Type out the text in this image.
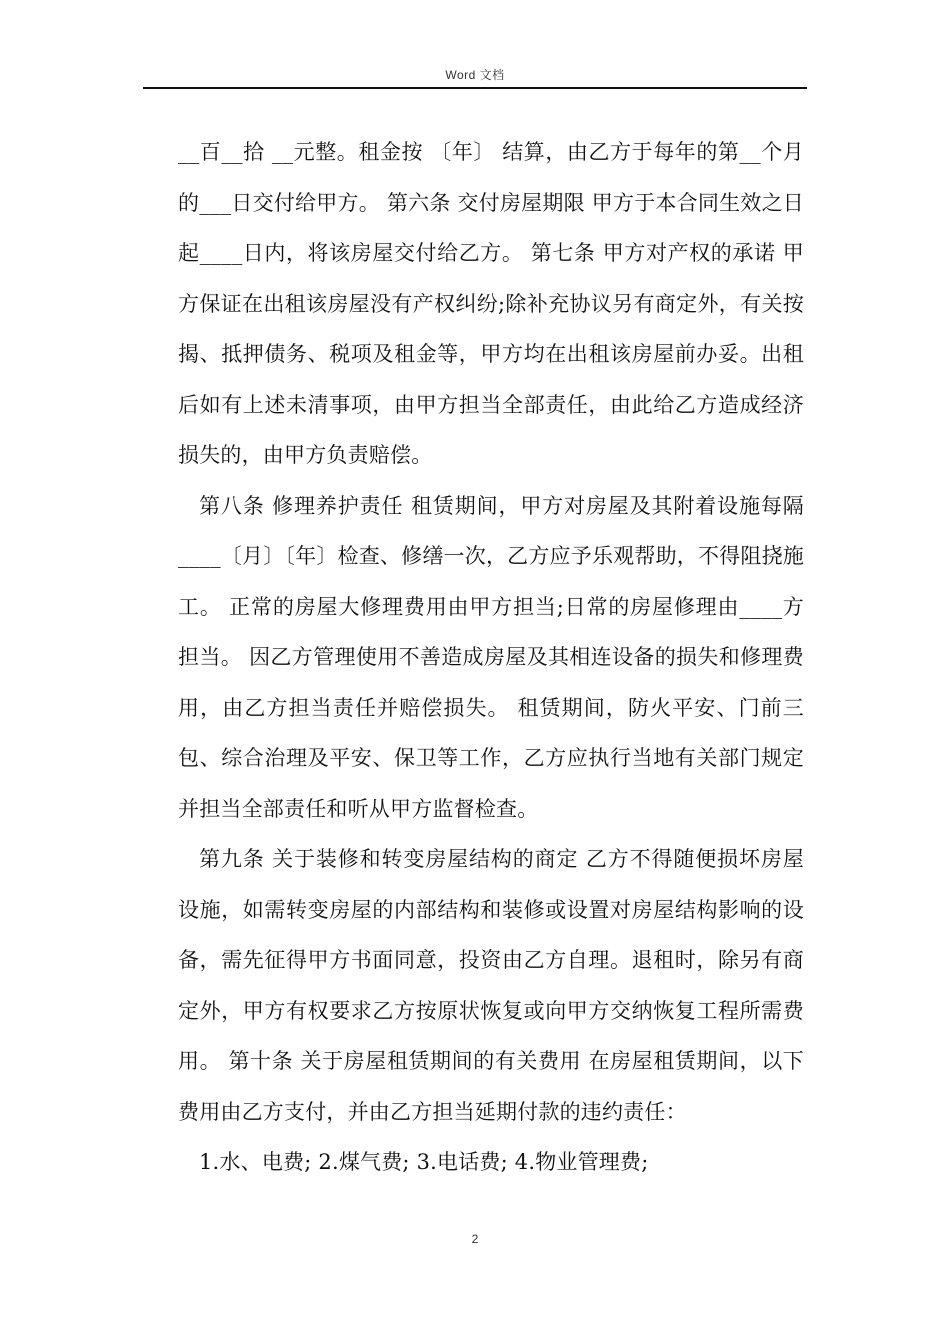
Word 文档

__百__拾 __元整。租金按 〔年〕 结算，由乙方于每年的第__个月的___日交付给甲方。 第六条 交付房屋期限 甲方于本合同生效之日起____日内，将该房屋交付给乙方。 第七条 甲方对产权的承诺 甲方保证在出租该房屋没有产权纠纷;除补充协议另有商定外，有关按揭、抵押债务、税项及租金等，甲方均在出租该房屋前办妥。出租后如有上述未清事项，由甲方担当全部责任，由此给乙方造成经济损失的，由甲方负责赔偿。

第八条 修理养护责任 租赁期间，甲方对房屋及其附着设施每隔 ____〔月〕〔年〕检查、修缮一次，乙方应予乐观帮助，不得阻挠施工。 正常的房屋大修理费用由甲方担当;日常的房屋修理由____方担当。 因乙方管理使用不善造成房屋及其相连设备的损失和修理费用，由乙方担当责任并赔偿损失。 租赁期间，防火平安、门前三包、综合治理及平安、保卫等工作，乙方应执行当地有关部门规定并担当全部责任和听从甲方监督检查。

第九条 关于装修和转变房屋结构的商定 乙方不得随便损坏房屋设施，如需转变房屋的内部结构和装修或设置对房屋结构影响的设备，需先征得甲方书面同意，投资由乙方自理。退租时，除另有商定外，甲方有权要求乙方按原状恢复或向甲方交纳恢复工程所需费用。 第十条 关于房屋租赁期间的有关费用 在房屋租赁期间，以下费用由乙方支付，并由乙方担当延期付款的违约责任：

1.水、电费; 2.煤气费; 3.电话费; 4.物业管理费;

2
